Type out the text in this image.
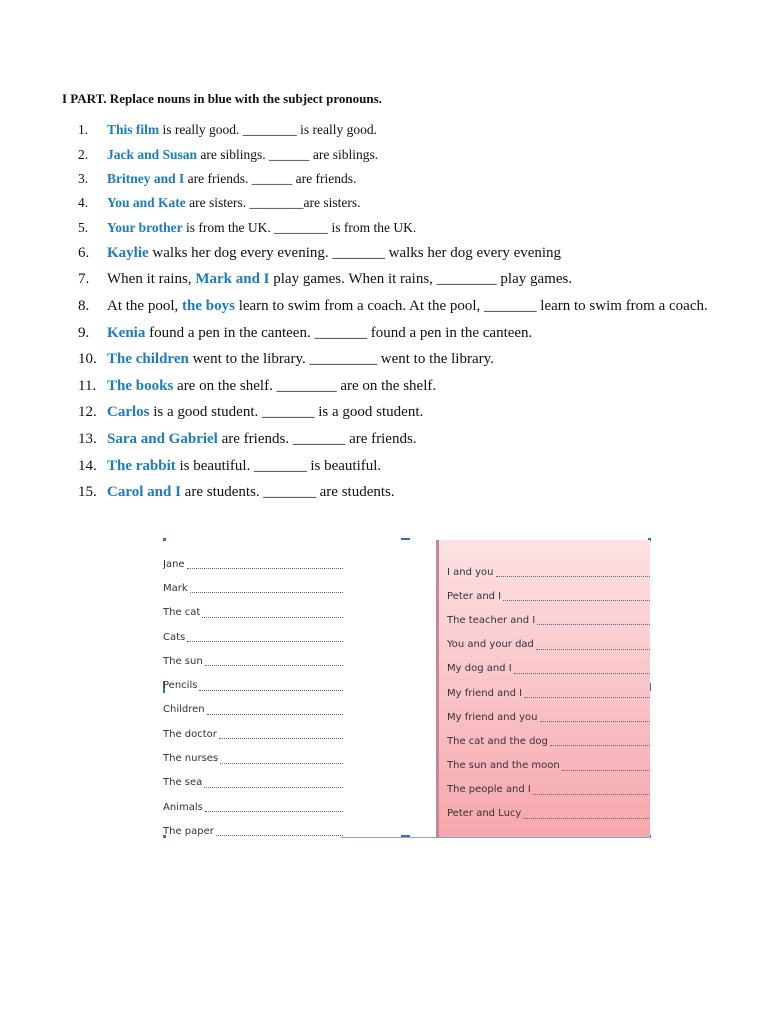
I PART. Replace nouns in blue with the subject pronouns.
1.	This film is really good. ________ is really good.
2.	Jack and Susan are siblings. ______ are siblings.
3.	Britney and I are friends. ______ are friends.
4.	You and Kate are sisters. ________are sisters.
5.	Your brother is from the UK. ________ is from the UK.
6.	Kaylie walks her dog every evening. _______ walks her dog every evening
7.	When it rains, Mark and I play games. When it rains, ________ play games.
8.	At the pool, the boys learn to swim from a coach. At the pool, _______ learn to swim from a coach.
9.	Kenia found a pen in the canteen. _______ found a pen in the canteen.
10. The children went to the library. _________ went to the library.
11. The books are on the shelf. ________ are on the shelf.
12. Carlos is a good student. _______ is a good student.
13. Sara and Gabriel are friends. _______ are friends.
14. The rabbit is beautiful. _______ is beautiful.
15. Carol and I are students. _______ are students.
Jane
Mark
The cat
Cats
The sun
Pencils
Children
The doctor
The nurses
The sea
Animals
The paper
I and you
Peter and I
The teacher and I
You and your dad
My dog and I
My friend and I
My friend and you
The cat and the dog
The sun and the moon
The people and I
Peter and Lucy
